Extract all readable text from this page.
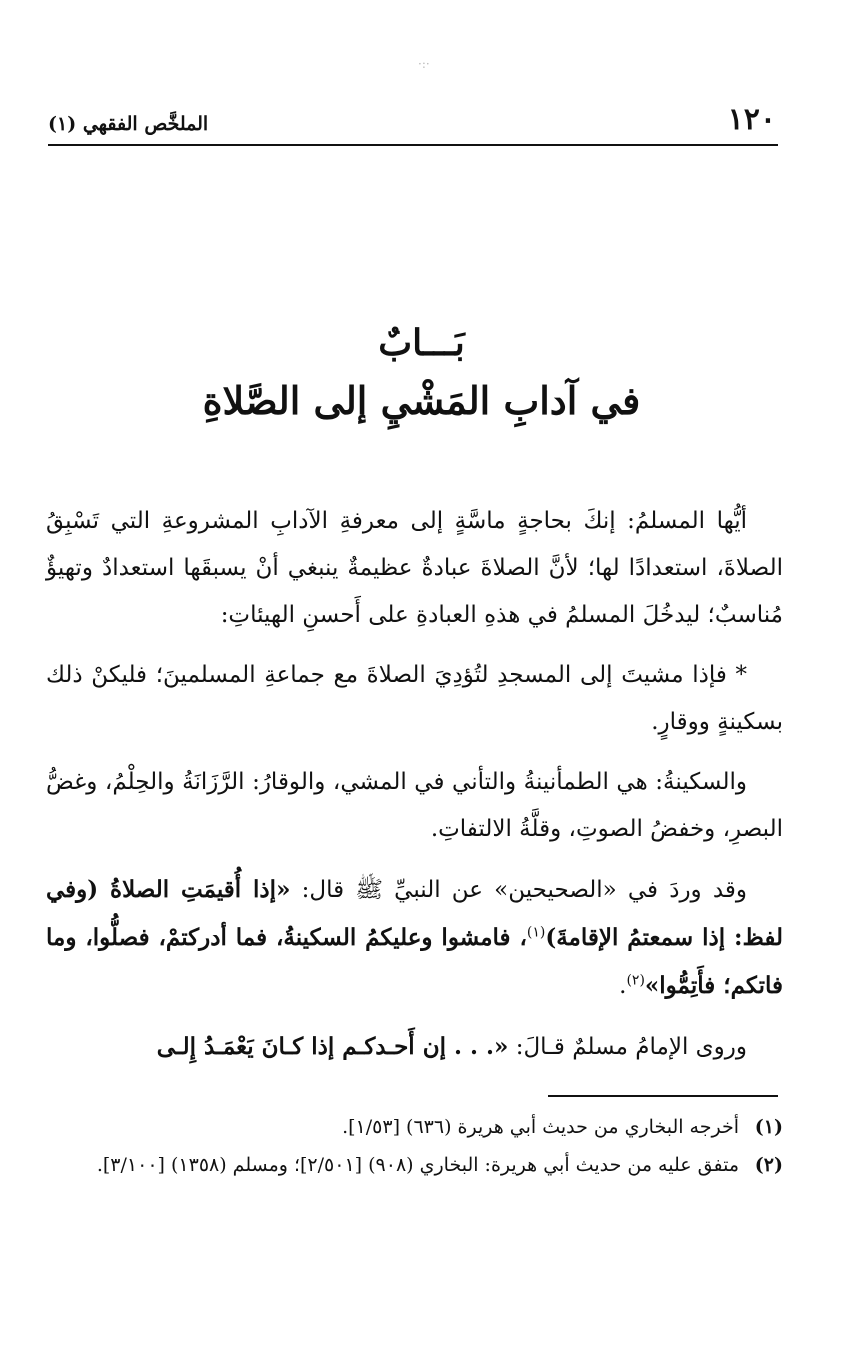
·:·
١٢٠
الملخَّص الفقهي (١)
بَـــابٌ
في آدابِ المَشْيِ إلى الصَّلاةِ

أيُّها المسلمُ: إنكَ بحاجةٍ ماسَّةٍ إلى معرفةِ الآدابِ المشروعةِ التي تَسْبِقُ الصلاةَ، استعدادًا لها؛ لأنَّ الصلاةَ عبادةٌ عظيمةٌ ينبغي أنْ يسبقَها استعدادٌ وتهيؤٌ مُناسبٌ؛ ليدخُلَ المسلمُ في هذهِ العبادةِ على أَحسنِ الهيئاتِ:

* فإذا مشيتَ إلى المسجدِ لتُؤدِيَ الصلاةَ مع جماعةِ المسلمينَ؛ فليكنْ ذلك بسكينةٍ ووقارٍ.

والسكينةُ: هي الطمأنينةُ والتأني في المشي، والوقارُ: الرَّزَانَةُ والحِلْمُ، وغضُّ البصرِ، وخفضُ الصوتِ، وقلَّةُ الالتفاتِ.

وقد وردَ في «الصحيحين» عن النبيِّ ﷺ قال: «إذا أُقيمَتِ الصلاةُ (وفي لفظ: إذا سمعتمُ الإقامةَ)$^{(١)}$، فامشوا وعليكمُ السكينةُ، فما أدركتمْ، فصلُّوا، وما فاتكم؛ فأَتِمُّوا»$^{(٢)}$.

وروى الإمامُ مسلمٌ قـالَ: «. . . إن أَحـدكـم إذا كـانَ يَعْمَـدُ إِلـى

(١)
أخرجه البخاري من حديث أبي هريرة (٦٣٦) [١/٥٣].
(٢)
متفق عليه من حديث أبي هريرة: البخاري (٩٠٨) [٢/٥٠١]؛ ومسلم (١٣٥٨) [٣/١٠٠].
